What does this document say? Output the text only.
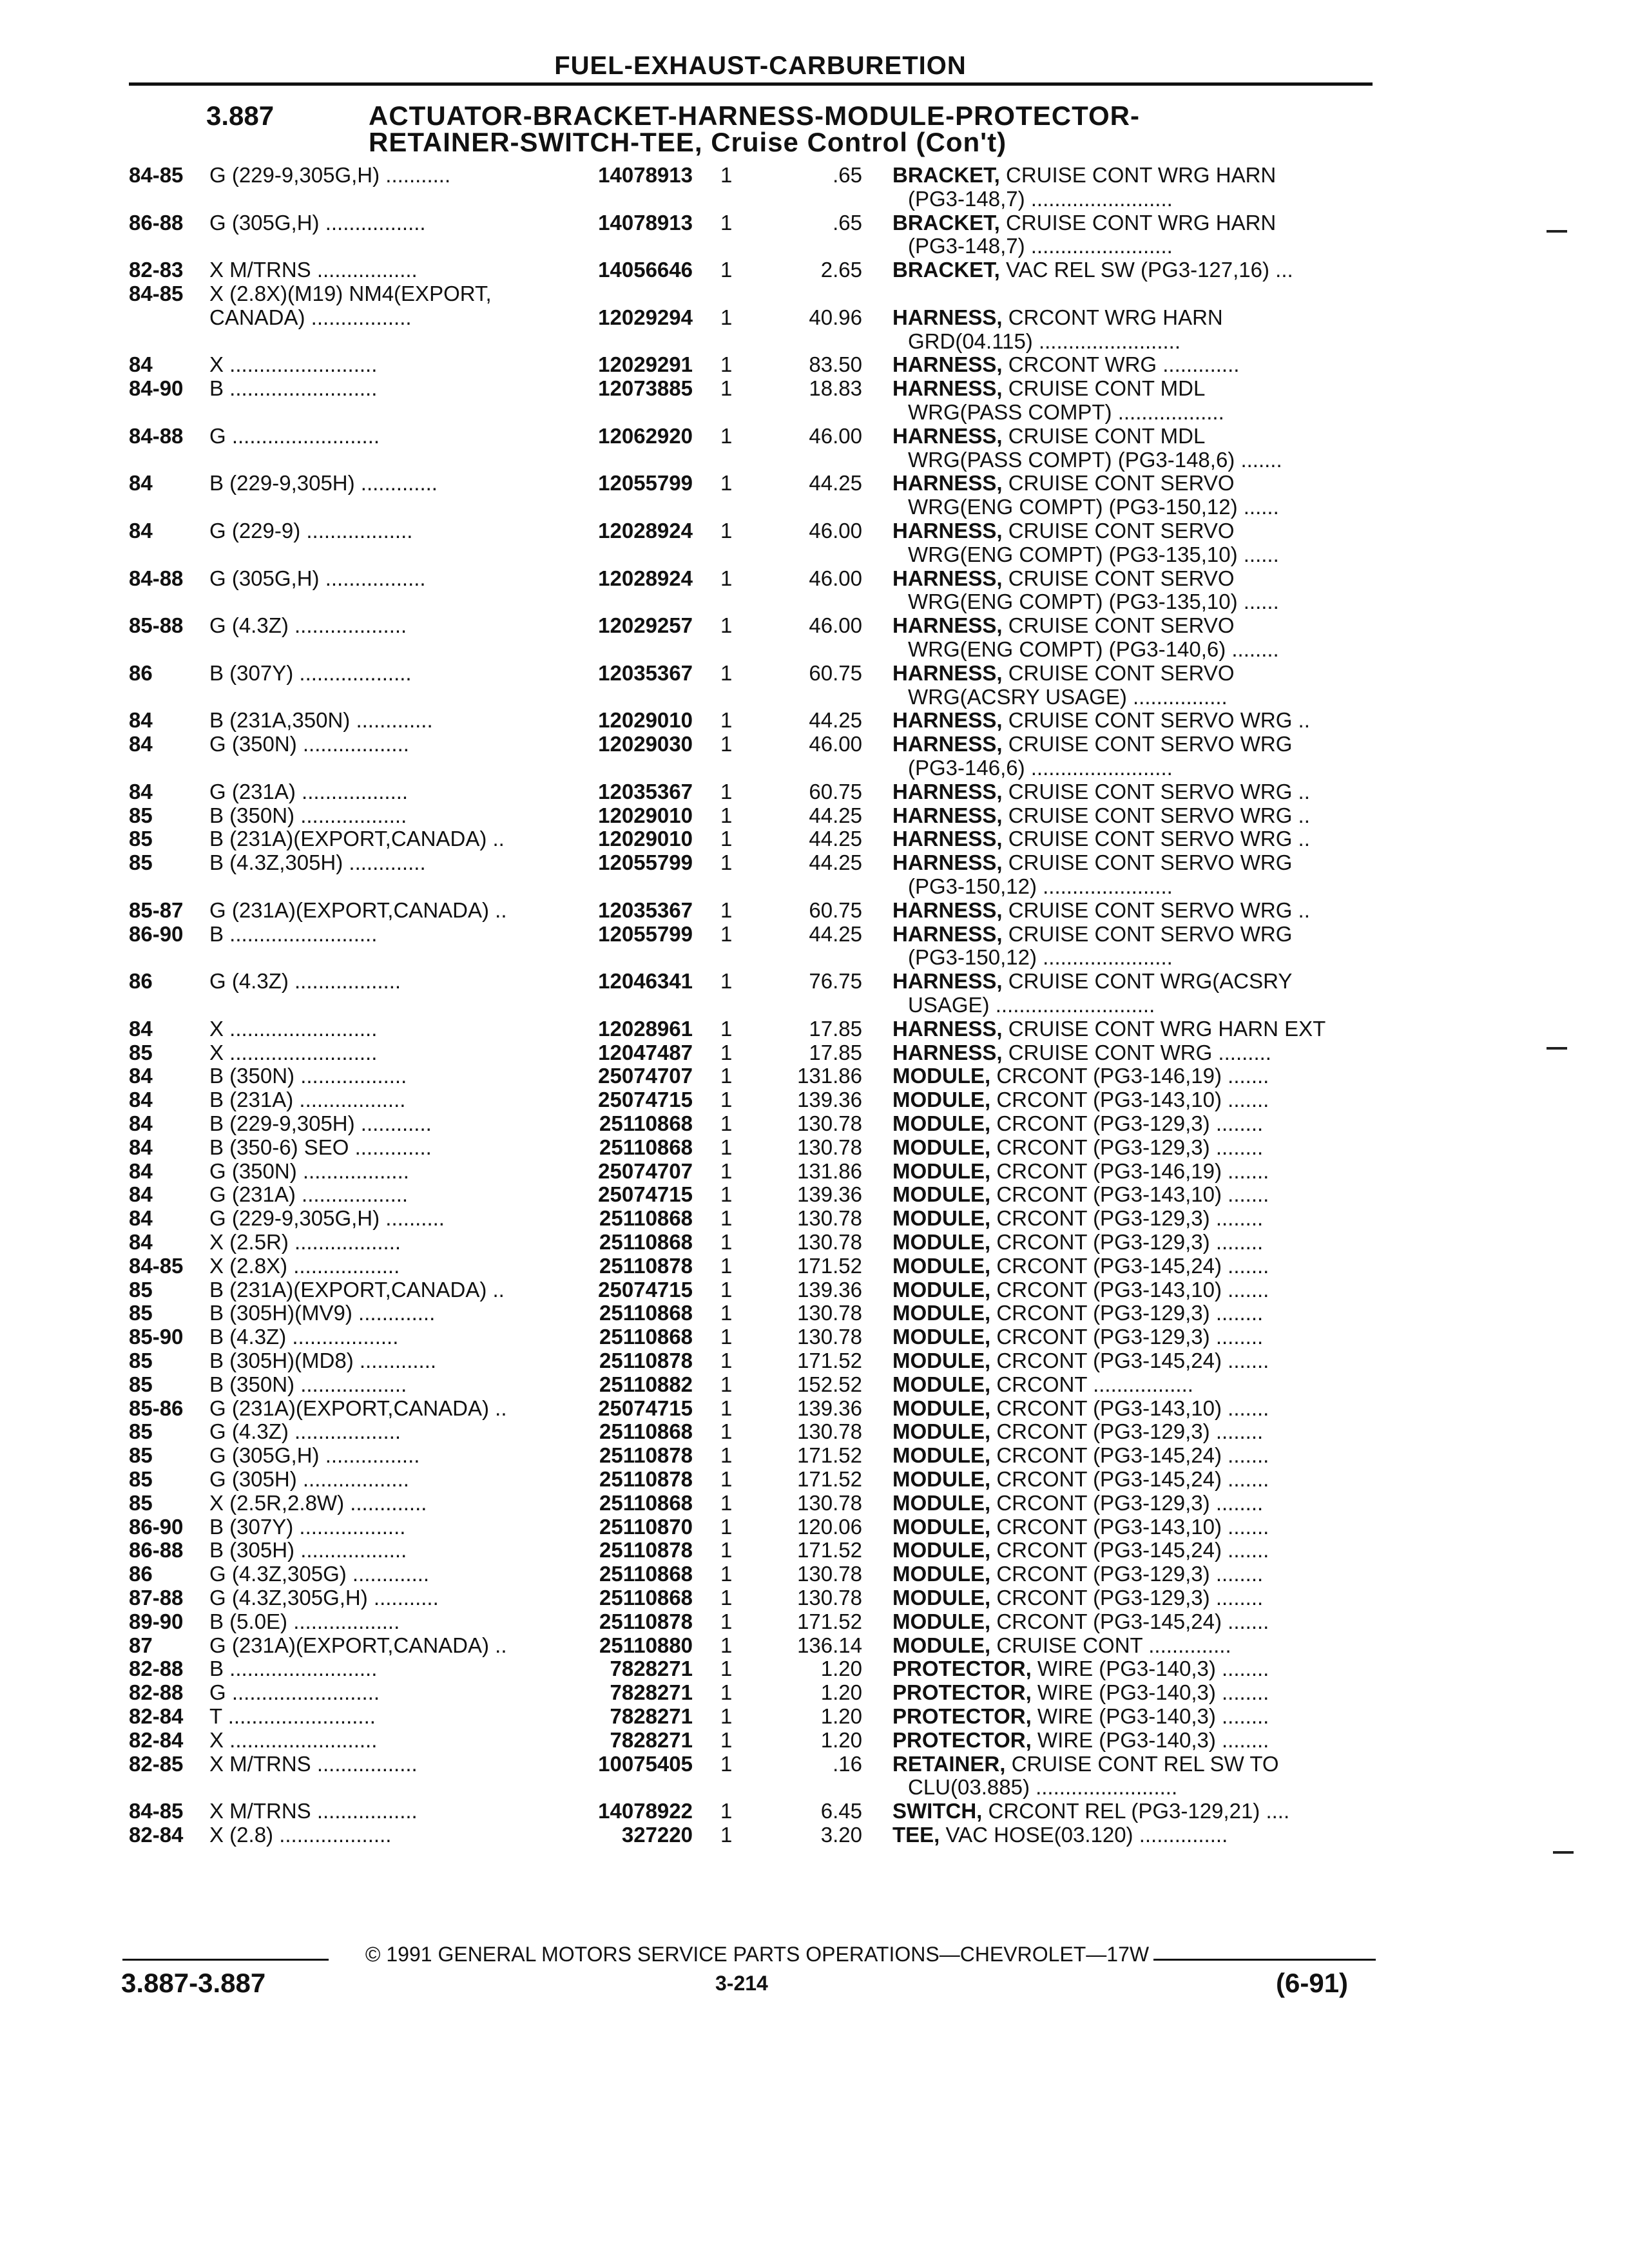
FUEL-EXHAUST-CARBURETION
3.887	ACTUATOR-BRACKET-HARNESS-MODULE-PROTECTOR-
RETAINER-SWITCH-TEE, Cruise Control (Con't)
84-85	G (229-9,305G,H) ...........	14078913 1	.65 BRACKET, CRUISE CONT WRG HARN
(PG3-148,7) ........................
86-88	G (305G,H) .................	14078913 1	.65 BRACKET, CRUISE CONT WRG HARN
(PG3-148,7) ........................
82-83	X M/TRNS .................	14056646 1	2.65 BRACKET, VAC REL SW (PG3-127,16) ...
84-85	X (2.8X)(M19) NM4(EXPORT,
CANADA) .................	12029294 1	40.96 HARNESS, CRCONT WRG HARN
GRD(04.115) ........................
84	X .........................	12029291 1	83.50 HARNESS, CRCONT WRG .............
84-90	B .........................	12073885 1	18.83 HARNESS, CRUISE CONT MDL
WRG(PASS COMPT) ..................
84-88	G .........................	12062920 1	46.00 HARNESS, CRUISE CONT MDL
WRG(PASS COMPT) (PG3-148,6) .......
84	B (229-9,305H) .............	12055799 1	44.25 HARNESS, CRUISE CONT SERVO
WRG(ENG COMPT) (PG3-150,12) ......
84	G (229-9) ..................	12028924 1	46.00 HARNESS, CRUISE CONT SERVO
WRG(ENG COMPT) (PG3-135,10) ......
84-88	G (305G,H) .................	12028924 1	46.00 HARNESS, CRUISE CONT SERVO
WRG(ENG COMPT) (PG3-135,10) ......
85-88	G (4.3Z) ...................	12029257 1	46.00 HARNESS, CRUISE CONT SERVO
WRG(ENG COMPT) (PG3-140,6) ........
86	B (307Y) ...................	12035367 1	60.75 HARNESS, CRUISE CONT SERVO
WRG(ACSRY USAGE) ................
84	B (231A,350N) .............	12029010 1	44.25 HARNESS, CRUISE CONT SERVO WRG ..
84	G (350N) ..................	12029030 1	46.00 HARNESS, CRUISE CONT SERVO WRG
(PG3-146,6) ........................
84	G (231A) ..................	12035367 1	60.75 HARNESS, CRUISE CONT SERVO WRG ..
85	B (350N) ..................	12029010 1	44.25 HARNESS, CRUISE CONT SERVO WRG ..
85	B (231A)(EXPORT,CANADA) ..	12029010 1	44.25 HARNESS, CRUISE CONT SERVO WRG ..
85	B (4.3Z,305H) .............	12055799 1	44.25 HARNESS, CRUISE CONT SERVO WRG
(PG3-150,12) ......................
85-87	G (231A)(EXPORT,CANADA) ..	12035367 1	60.75 HARNESS, CRUISE CONT SERVO WRG ..
86-90	B .........................	12055799 1	44.25 HARNESS, CRUISE CONT SERVO WRG
(PG3-150,12) ......................
86	G (4.3Z) ..................	12046341 1	76.75 HARNESS, CRUISE CONT WRG(ACSRY
USAGE) ...........................
84	X .........................	12028961 1	17.85 HARNESS, CRUISE CONT WRG HARN EXT
85	X .........................	12047487 1	17.85 HARNESS, CRUISE CONT WRG .........
84	B (350N) ..................	25074707 1	131.86 MODULE, CRCONT (PG3-146,19) .......
84	B (231A) ..................	25074715 1	139.36 MODULE, CRCONT (PG3-143,10) .......
84	B (229-9,305H) ............	25110868 1	130.78 MODULE, CRCONT (PG3-129,3) ........
84	B (350-6) SEO .............	25110868 1	130.78 MODULE, CRCONT (PG3-129,3) ........
84	G (350N) ..................	25074707 1	131.86 MODULE, CRCONT (PG3-146,19) .......
84	G (231A) ..................	25074715 1	139.36 MODULE, CRCONT (PG3-143,10) .......
84	G (229-9,305G,H) ..........	25110868 1	130.78 MODULE, CRCONT (PG3-129,3) ........
84	X (2.5R) ..................	25110868 1	130.78 MODULE, CRCONT (PG3-129,3) ........
84-85	X (2.8X) ..................	25110878 1	171.52 MODULE, CRCONT (PG3-145,24) .......
85	B (231A)(EXPORT,CANADA) ..	25074715 1	139.36 MODULE, CRCONT (PG3-143,10) .......
85	B (305H)(MV9) .............	25110868 1	130.78 MODULE, CRCONT (PG3-129,3) ........
85-90	B (4.3Z) ..................	25110868 1	130.78 MODULE, CRCONT (PG3-129,3) ........
85	B (305H)(MD8) .............	25110878 1	171.52 MODULE, CRCONT (PG3-145,24) .......
85	B (350N) ..................	25110882 1	152.52 MODULE, CRCONT .................
85-86	G (231A)(EXPORT,CANADA) ..	25074715 1	139.36 MODULE, CRCONT (PG3-143,10) .......
85	G (4.3Z) ..................	25110868 1	130.78 MODULE, CRCONT (PG3-129,3) ........
85	G (305G,H) ................	25110878 1	171.52 MODULE, CRCONT (PG3-145,24) .......
85	G (305H) ..................	25110878 1	171.52 MODULE, CRCONT (PG3-145,24) .......
85	X (2.5R,2.8W) .............	25110868 1	130.78 MODULE, CRCONT (PG3-129,3) ........
86-90	B (307Y) ..................	25110870 1	120.06 MODULE, CRCONT (PG3-143,10) .......
86-88	B (305H) ..................	25110878 1	171.52 MODULE, CRCONT (PG3-145,24) .......
86	G (4.3Z,305G) .............	25110868 1	130.78 MODULE, CRCONT (PG3-129,3) ........
87-88	G (4.3Z,305G,H) ...........	25110868 1	130.78 MODULE, CRCONT (PG3-129,3) ........
89-90	B (5.0E) ..................	25110878 1	171.52 MODULE, CRCONT (PG3-145,24) .......
87	G (231A)(EXPORT,CANADA) ..	25110880 1	136.14 MODULE, CRUISE CONT ..............
82-88	B .........................	7828271 1	1.20 PROTECTOR, WIRE (PG3-140,3) ........
82-88	G .........................	7828271 1	1.20 PROTECTOR, WIRE (PG3-140,3) ........
82-84	T .........................	7828271 1	1.20 PROTECTOR, WIRE (PG3-140,3) ........
82-84	X .........................	7828271 1	1.20 PROTECTOR, WIRE (PG3-140,3) ........
82-85	X M/TRNS .................	10075405 1	.16 RETAINER, CRUISE CONT REL SW TO
CLU(03.885) ........................
84-85	X M/TRNS .................	14078922 1	6.45 SWITCH, CRCONT REL (PG3-129,21) ....
82-84	X (2.8) ...................	327220 1	3.20 TEE, VAC HOSE(03.120) ...............
© 1991 GENERAL MOTORS SERVICE PARTS OPERATIONS—CHEVROLET—17W
3.887-3.887	3-214	(6-91)
